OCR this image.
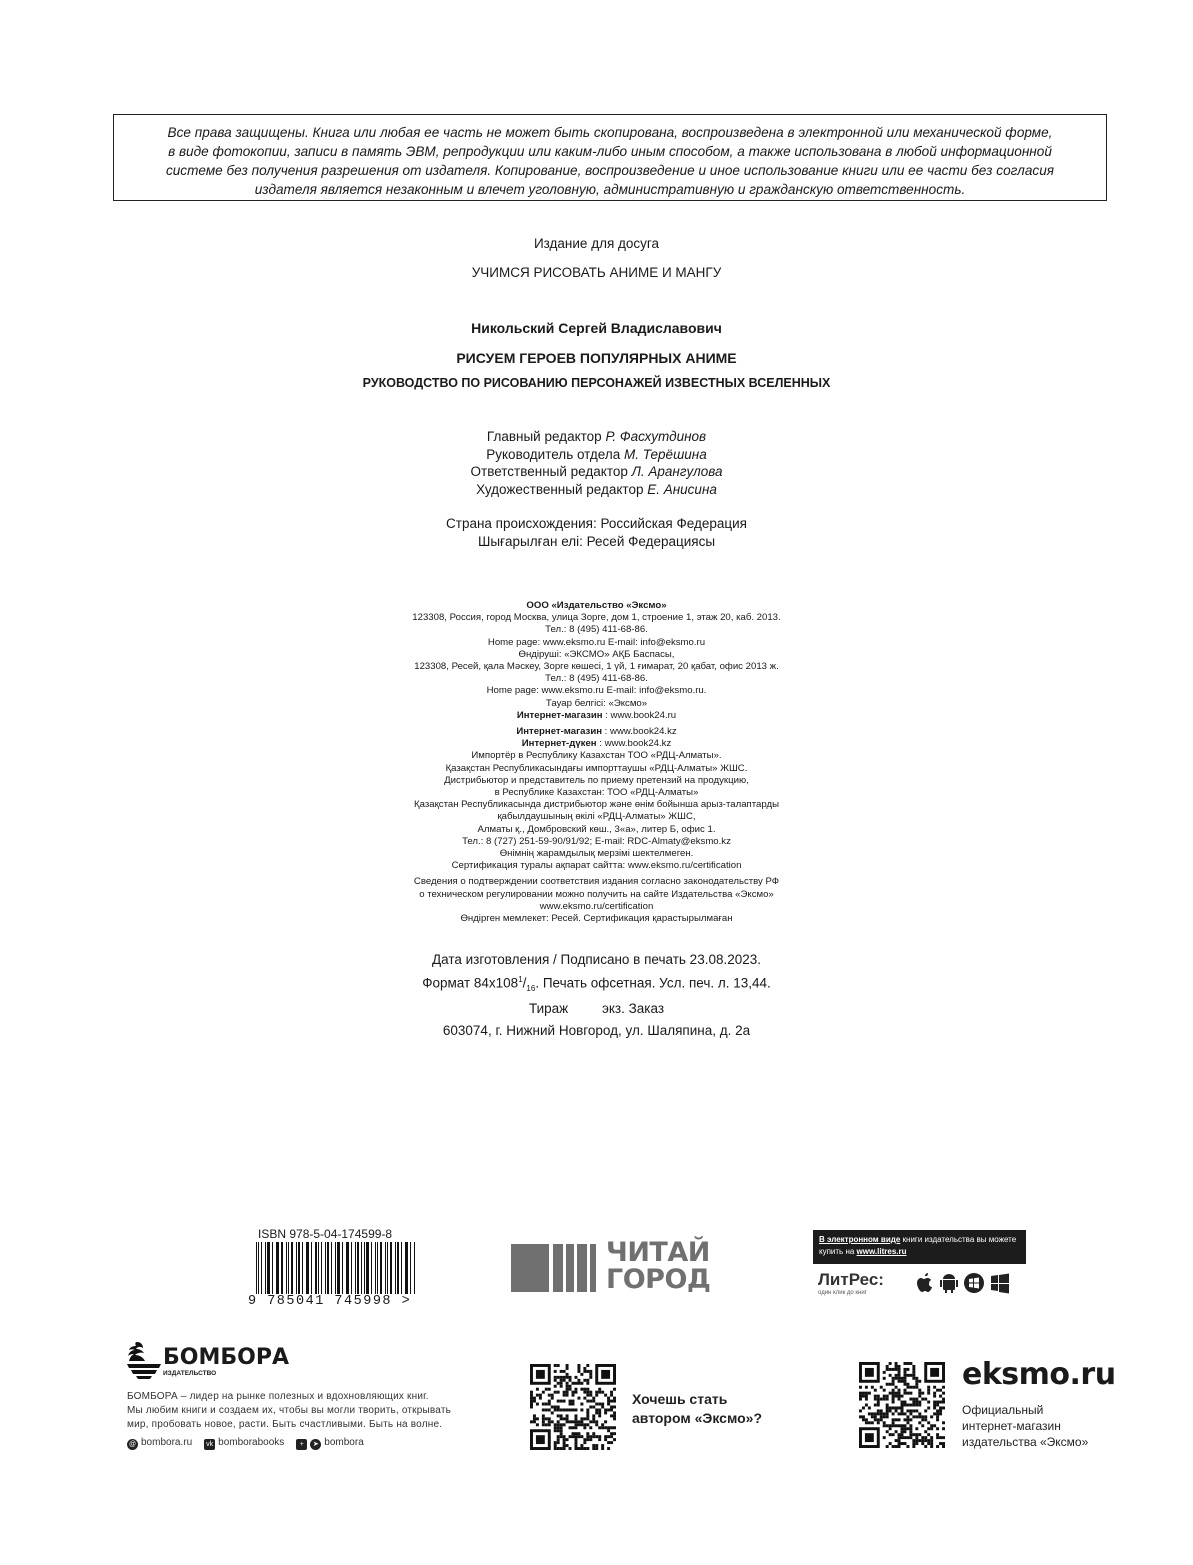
Все права защищены. Книга или любая ее часть не может быть скопирована, воспроизведена в электронной или механической форме,
в виде фотокопии, записи в память ЭВМ, репродукции или каким-либо иным способом, а также использована в любой информационной
системе без получения разрешения от издателя. Копирование, воспроизведение и иное использование книги или ее части без согласия
издателя является незаконным и влечет уголовную, административную и гражданскую ответственность.
Издание для досуга
УЧИМСЯ РИСОВАТЬ АНИМЕ И МАНГУ
Никольский Сергей Владиславович
РИСУЕМ ГЕРОЕВ ПОПУЛЯРНЫХ АНИМЕ
РУКОВОДСТВО ПО РИСОВАНИЮ ПЕРСОНАЖЕЙ ИЗВЕСТНЫХ ВСЕЛЕННЫХ
Главный редактор Р. Фасхутдинов
Руководитель отдела М. Терёшина
Ответственный редактор Л. Арангулова
Художественный редактор Е. Анисина
Страна происхождения: Российская Федерация
Шығарылған елі: Ресей Федерациясы
ООО «Издательство «Эксмо»
123308, Россия, город Москва, улица Зорге, дом 1, строение 1, этаж 20, каб. 2013.
Тел.: 8 (495) 411-68-86.
Home page: www.eksmo.ru E-mail: info@eksmo.ru
Өндіруші: «ЭКСМО» АҚБ Баспасы,
123308, Ресей, қала Мәскеу, Зорге көшесі, 1 үй, 1 ғимарат, 20 қабат, офис 2013 ж.
Тел.: 8 (495) 411-68-86.
Home page: www.eksmo.ru E-mail: info@eksmo.ru.
Тауар белгісі: «Эксмо»
Интернет-магазин : www.book24.ru
Интернет-магазин : www.book24.kz
Интернет-дүкен : www.book24.kz
Импортёр в Республику Казахстан ТОО «РДЦ-Алматы».
Қазақстан Республикасындағы импорттаушы «РДЦ-Алматы» ЖШС.
Дистрибьютор и представитель по приему претензий на продукцию,
в Республике Казахстан: ТОО «РДЦ-Алматы»
Қазақстан Республикасында дистрибьютор және өнім бойынша арыз-талаптарды
қабылдаушының өкілі «РДЦ-Алматы» ЖШС,
Алматы қ., Домбровский көш., 3«а», литер Б, офис 1.
Тел.: 8 (727) 251-59-90/91/92; E-mail: RDC-Almaty@eksmo.kz
Өнімнің жарамдылық мерзімі шектелмеген.
Сертификация туралы ақпарат сайтта: www.eksmo.ru/certification
Сведения о подтверждении соответствия издания согласно законодательству РФ
о техническом регулировании можно получить на сайте Издательства «Эксмо»
www.eksmo.ru/certification
Өндірген мемлекет: Ресей. Сертификация қарастырылмаған
Дата изготовления / Подписано в печать 23.08.2023.
Формат $84х108^1/_{16}$. Печать офсетная. Усл. печ. л. 13,44.
Тираж         экз. Заказ
603074, г. Нижний Новгород, ул. Шаляпина, д. 2а
ISBN 978-5-04-174599-8
9 785041 745998 >
ЧИТАЙ
ГОРОД
В электронном виде книги издательства вы можете
купить на www.litres.ru
ЛитРес:
один клик до книг
БОМБОРА
ИЗДАТЕЛЬСТВО
БОМБОРА – лидер на рынке полезных и вдохновляющих книг.
Мы любим книги и создаем их, чтобы вы могли творить, открывать
мир, пробовать новое, расти. Быть счастливыми. Быть на волне.
@ bombora.ru vk bomborabooks	+ ➤ bombora
Хочешь стать
автором «Эксмо»?
eksmo.ru
Официальный
интернет-магазин
издательства «Эксмо»
